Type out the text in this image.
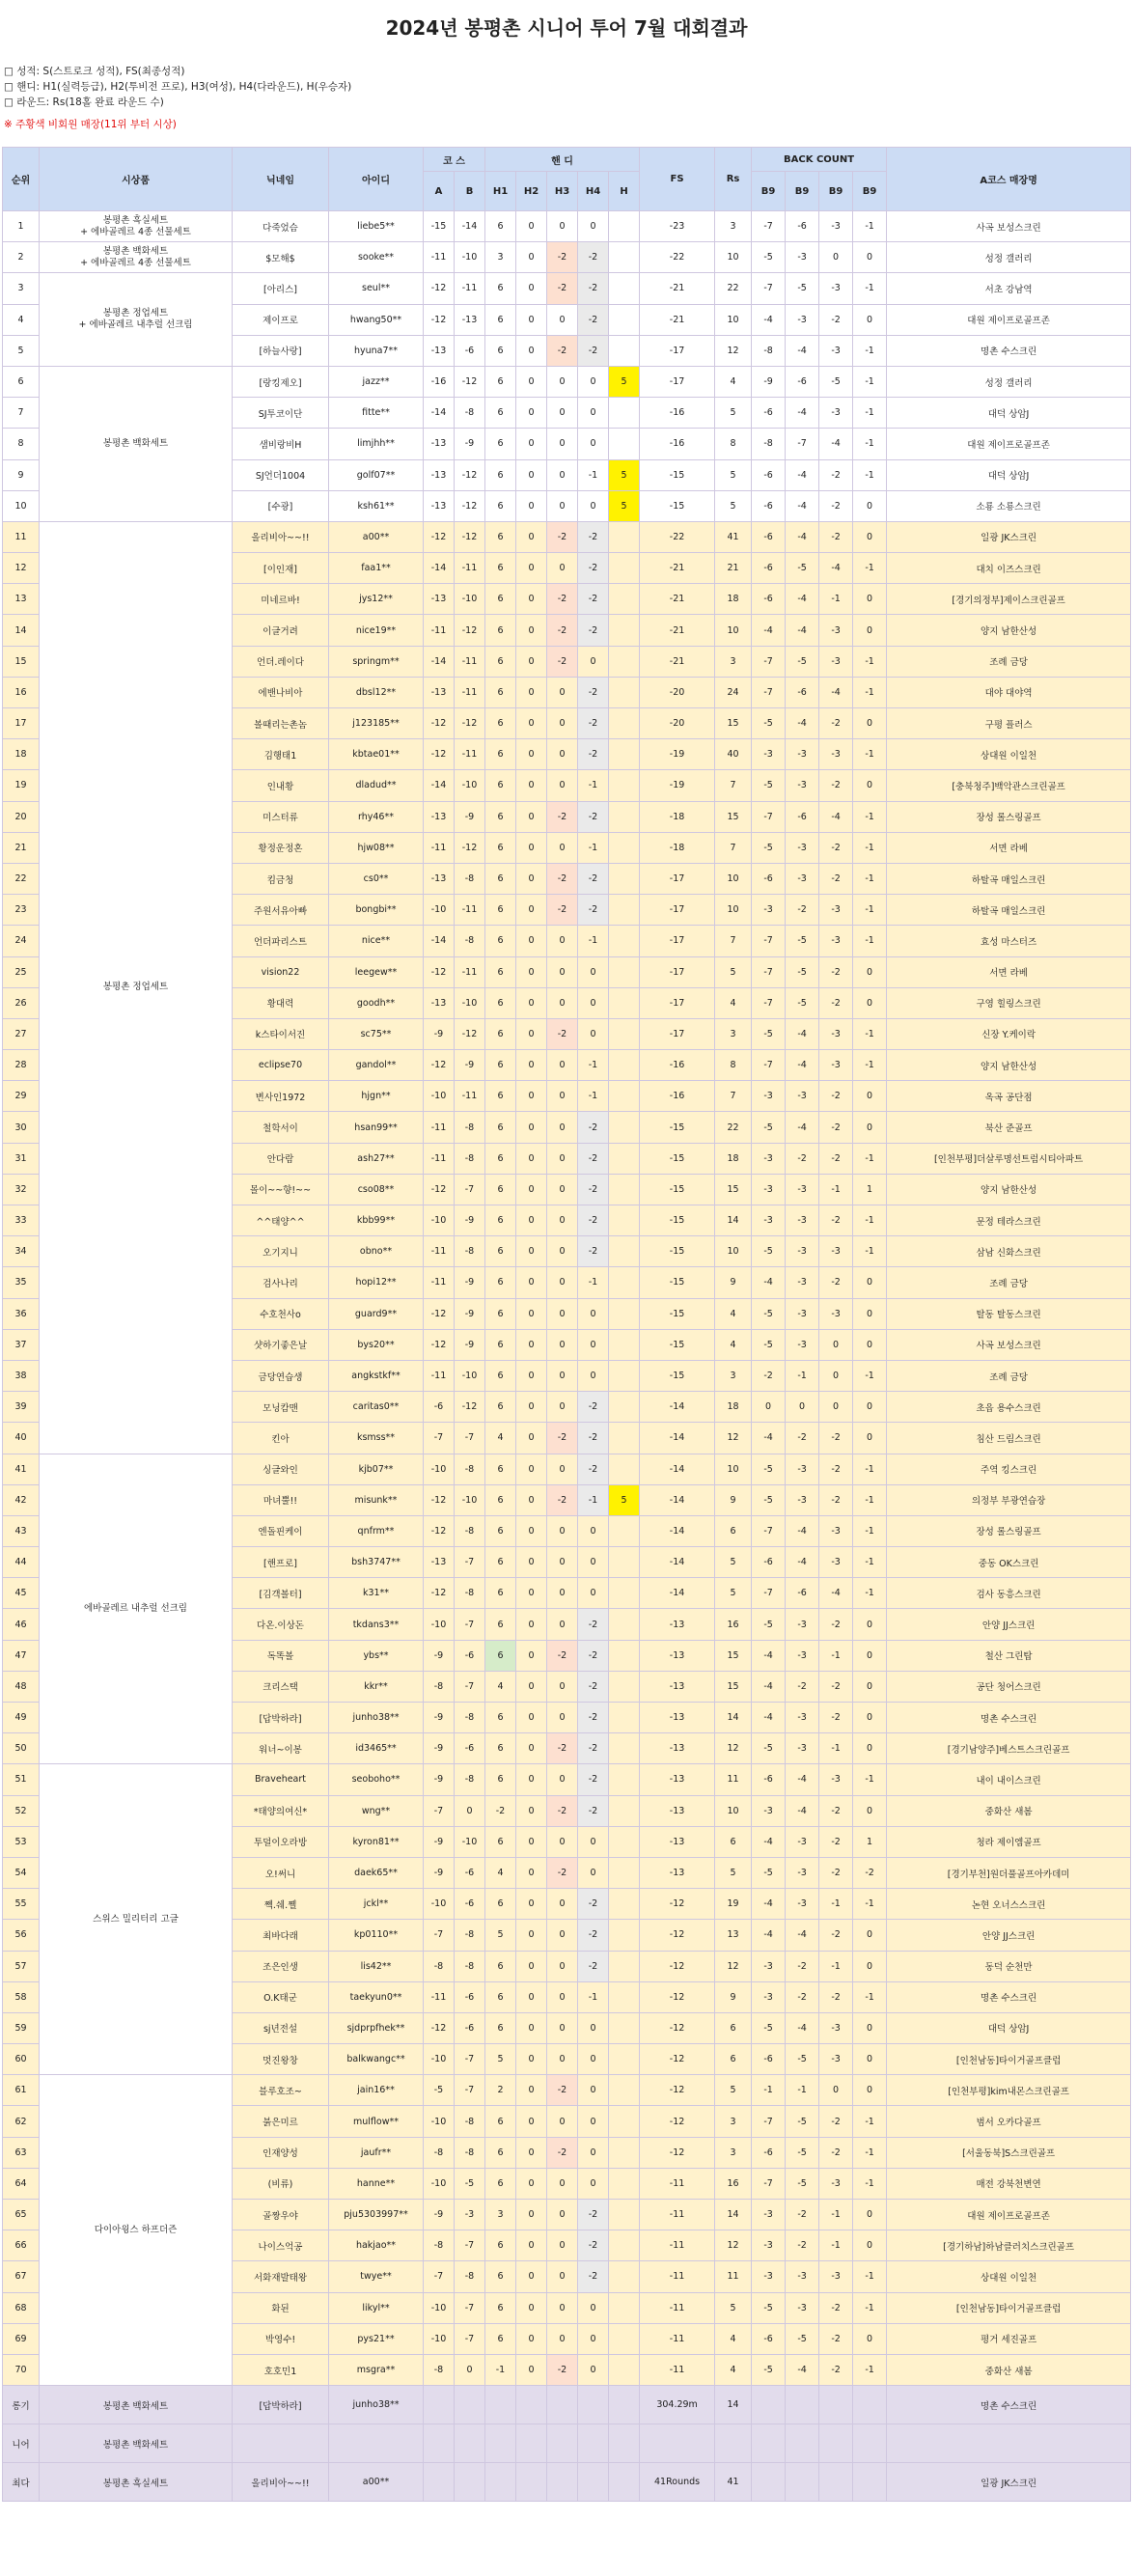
2024년 봉평촌 시니어 투어 7월 대회결과
□ 성적: S(스트로크 성적), FS(최종성적)
□ 핸디: H1(실력등급), H2(투비전 프로), H3(여성), H4(다라운드), H(우승자)
□ 라운드: Rs(18홀 완료 라운드 수)
※ 주황색 비회원 매장(11위 부터 시상)
순위	시상품	닉네임	아이디	코 스		핸 디					FS	Rs	BACK COUNT				A코스 매장명
				A	B	H1	H2	H3	H4	H			B9	B9	B9	B9	
1	봉평촌 흑실세트
+ 에바골레르 4종 선물세트	다죽었슴	liebe5**	-15	-14	6	0	0	0		-23	3	-7	-6	-3	-1	사곡 보성스크린
2	봉평촌 백화세트
+ 에바골레르 4종 선물세트	$모해$	sooke**	-11	-10	3	0	-2	-2		-22	10	-5	-3	0	0	성정 갤러리
3	봉평촌 정업세트
+ 에바골레르 내추럴 선크림	[아리스]	seul**	-12	-11	6	0	-2	-2		-21	22	-7	-5	-3	-1	서초 강남역
4		제이프로	hwang50**	-12	-13	6	0	0	-2		-21	10	-4	-3	-2	0	대원 제이프로골프존
5		[하늘사랑]	hyuna7**	-13	-6	6	0	-2	-2		-17	12	-8	-4	-3	-1	명촌 수스크린
6	봉평촌 백화세트	[랑킹제오]	jazz**	-16	-12	6	0	0	0	5	-17	4	-9	-6	-5	-1	성정 갤러리
7		SJ투코이단	fitte**	-14	-8	6	0	0	0		-16	5	-6	-4	-3	-1	대덕 상암J
8		샘비랑비H	limjhh**	-13	-9	6	0	0	0		-16	8	-8	-7	-4	-1	대원 제이프로골프존
9		SJ언더1004	golf07**	-13	-12	6	0	0	-1	5	-15	5	-6	-4	-2	-1	대덕 상암J
10		[수광]	ksh61**	-13	-12	6	0	0	0	5	-15	5	-6	-4	-2	0	소룡 소룡스크린
11	봉평촌 정업세트	올리비아~~!!	a00**	-12	-12	6	0	-2	-2		-22	41	-6	-4	-2	0	일광 JK스크린
12		[이인재]	faa1**	-14	-11	6	0	0	-2		-21	21	-6	-5	-4	-1	대치 이즈스크린
13		미네르바!	jys12**	-13	-10	6	0	-2	-2		-21	18	-6	-4	-1	0	[경기의정부]제이스크린골프
14		이글거려	nice19**	-11	-12	6	0	-2	-2		-21	10	-4	-4	-3	0	양지 남한산성
15		언더.레이다	springm**	-14	-11	6	0	-2	0		-21	3	-7	-5	-3	-1	조례 금당
16		에밴나비아	dbsl12**	-13	-11	6	0	0	-2		-20	24	-7	-6	-4	-1	대야 대야역
17		볼때리는촌놈	j123185**	-12	-12	6	0	0	-2		-20	15	-5	-4	-2	0	구평 플러스
18		김행태1	kbtae01**	-12	-11	6	0	0	-2		-19	40	-3	-3	-3	-1	상대원 이일천
19		인내황	dladud**	-14	-10	6	0	0	-1		-19	7	-5	-3	-2	0	[충북청주]백악관스크린골프
20		미스터류	rhy46**	-13	-9	6	0	-2	-2		-18	15	-7	-6	-4	-1	장성 롤스링골프
21		황정운정혼	hjw08**	-11	-12	6	0	0	-1		-18	7	-5	-3	-2	-1	서면 라베
22		킴금청	cs0**	-13	-8	6	0	-2	-2		-17	10	-6	-3	-2	-1	하탈곡 매일스크린
23		주원서유아빠	bongbi**	-10	-11	6	0	-2	-2		-17	10	-3	-2	-3	-1	하탈곡 매일스크린
24		언더파리스트	nice**	-14	-8	6	0	0	-1		-17	7	-7	-5	-3	-1	효성 마스터즈
25		vision22	leegew**	-12	-11	6	0	0	0		-17	5	-7	-5	-2	0	서면 라베
26		황대력	goodh**	-13	-10	6	0	0	0		-17	4	-7	-5	-2	0	구영 힐링스크린
27		k스타이서진	sc75**	-9	-12	6	0	-2	0		-17	3	-5	-4	-3	-1	신장 Y.케이락
28		eclipse70	gandol**	-12	-9	6	0	0	-1		-16	8	-7	-4	-3	-1	양지 남한산성
29		변사인1972	hjgn**	-10	-11	6	0	0	-1		-16	7	-3	-3	-2	0	옥곡 공단점
30		철학서이	hsan99**	-11	-8	6	0	0	-2		-15	22	-5	-4	-2	0	북산 준골프
31		안다람	ash27**	-11	-8	6	0	0	-2		-15	18	-3	-2	-2	-1	[인천부평]더살루명선트럼시티아파트
32		몰이~~향!~~	cso08**	-12	-7	6	0	0	-2		-15	15	-3	-3	-1	1	양지 남한산성
33		^^태양^^	kbb99**	-10	-9	6	0	0	-2		-15	14	-3	-3	-2	-1	문정 테라스크린
34		오기지니	obno**	-11	-8	6	0	0	-2		-15	10	-5	-3	-3	-1	삼남 신화스크린
35		검사나리	hopi12**	-11	-9	6	0	0	-1		-15	9	-4	-3	-2	0	조례 금당
36		수호천사o	guard9**	-12	-9	6	0	0	0		-15	4	-5	-3	-3	0	탈동 탈동스크린
37		샷하기좋은날	bys20**	-12	-9	6	0	0	0		-15	4	-5	-3	0	0	사곡 보성스크린
38		금당연습생	angkstkf**	-11	-10	6	0	0	0		-15	3	-2	-1	0	-1	조례 금당
39		모닝캄맨	caritas0**	-6	-12	6	0	0	-2		-14	18	0	0	0	0	초읍 용수스크린
40		킨아	ksmss**	-7	-7	4	0	-2	-2		-14	12	-4	-2	-2	0	침산 드림스크린
41	에바골레르 내추럴 선크림	싱글와인	kjb07**	-10	-8	6	0	0	-2		-14	10	-5	-3	-2	-1	주역 킹스크린
42		마녀뿔!!	misunk**	-12	-10	6	0	-2	-1	5	-14	9	-5	-3	-2	-1	의정부 부광연습장
43		엔돌핀케이	qnfrm**	-12	-8	6	0	0	0		-14	6	-7	-4	-3	-1	장성 롤스링골프
44		[핸프로]	bsh3747**	-13	-7	6	0	0	0		-14	5	-6	-4	-3	-1	중동 OK스크린
45		[김객볼터]	k31**	-12	-8	6	0	0	0		-14	5	-7	-6	-4	-1	검사 동흥스크린
46		다온.이상돈	tkdans3**	-10	-7	6	0	0	-2		-13	16	-5	-3	-2	0	안양 JJ스크린
47		독똑볼	ybs**	-9	-6	6	0	-2	-2		-13	15	-4	-3	-1	0	철산 그린탑
48		크리스택	kkr**	-8	-7	4	0	0	-2		-13	15	-4	-2	-2	0	공단 청어스크린
49		[답박하라]	junho38**	-9	-8	6	0	0	-2		-13	14	-4	-3	-2	0	명촌 수스크린
50		워너~이봉	id3465**	-9	-6	6	0	-2	-2		-13	12	-5	-3	-1	0	[경기남양주]베스트스크린골프
51	스위스 밀리터리 고글	Braveheart	seoboho**	-9	-8	6	0	0	-2		-13	11	-6	-4	-3	-1	내이 내이스크린
52		*태양의여신*	wng**	-7	0	-2	0	-2	-2		-13	10	-3	-4	-2	0	중화산 새봄
53		투덜이오라방	kyron81**	-9	-10	6	0	0	0		-13	6	-4	-3	-2	1	청라 제이엠골프
54		오!써니	daek65**	-9	-6	4	0	-2	0		-13	5	-5	-3	-2	-2	[경기부천]원더풀골프아카데미
55		쪡.쉐.쪨	jckl**	-10	-6	6	0	0	-2		-12	19	-4	-3	-1	-1	논현 오너스스크린
56		최바다래	kp0110**	-7	-8	5	0	0	-2		-12	13	-4	-4	-2	0	안양 JJ스크린
57		조은인생	lis42**	-8	-8	6	0	0	-2		-12	12	-3	-2	-1	0	동덕 순천만
58		O.K태군	taekyun0**	-11	-6	6	0	0	-1		-12	9	-3	-2	-2	-1	명촌 수스크린
59		sj년전설	sjdprpfhek**	-12	-6	6	0	0	0		-12	6	-5	-4	-3	0	대덕 상암J
60		멋진왕창	balkwangc**	-10	-7	5	0	0	0		-12	6	-6	-5	-3	0	[인천남동]타이거골프클럽
61	다이아윙스 하프더즌	블루호조~	jain16**	-5	-7	2	0	-2	0		-12	5	-1	-1	0	0	[인천부평]kim내몬스크린골프
62		붉은미르	mulflow**	-10	-8	6	0	0	0		-12	3	-7	-5	-2	-1	범서 오카다골프
63		인재양성	jaufr**	-8	-8	6	0	-2	0		-12	3	-6	-5	-2	-1	[서울동북]S스크린골프
64		(비류)	hanne**	-10	-5	6	0	0	0		-11	16	-7	-5	-3	-1	매전 강북천변연
65		골짱우야	pju5303997**	-9	-3	3	0	0	-2		-11	14	-3	-2	-1	0	대원 제이프로골프존
66		나이스억공	hakjao**	-8	-7	6	0	0	-2		-11	12	-3	-2	-1	0	[경기하남]하남클러치스크린골프
67		서화재발태왕	twye**	-7	-8	6	0	0	-2		-11	11	-3	-3	-3	-1	상대원 이일천
68		화된	likyl**	-10	-7	6	0	0	0		-11	5	-5	-3	-2	-1	[인천남동]타이거골프클럽
69		박영수!	pys21**	-10	-7	6	0	0	0		-11	4	-6	-5	-2	0	평거 세진골프
70		호호민1	msgra**	-8	0	-1	0	-2	0		-11	4	-5	-4	-2	-1	중화산 새봄
롱기	봉평촌 백화세트	[답박하라]	junho38**								304.29m	14					명촌 수스크린
니어	봉평촌 백화세트																
최다	봉평촌 흑실세트	올리비아~~!!	a00**								41Rounds	41					일광 JK스크린
